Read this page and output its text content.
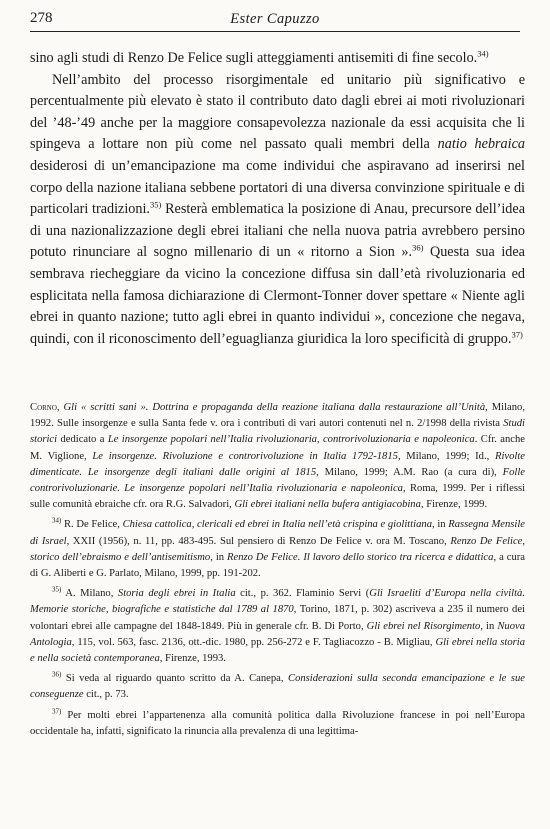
278	Ester Capuzzo

sino agli studi di Renzo De Felice sugli atteggiamenti antisemiti di fine secolo.$^{34)}$

Nell’ambito del processo risorgimentale ed unitario più significativo e percentualmente più elevato è stato il contributo dato dagli ebrei ai moti rivoluzionari del ’48-’49 anche per la maggiore consapevolezza nazionale da essi acquisita che li spingeva a lottare non più come nel passato quali membri della natio hebraica desiderosi di un’emancipazione ma come individui che aspiravano ad inserirsi nel corpo della nazione italiana sebbene portatori di una diversa convinzione spirituale e di particolari tradizioni.$^{35)}$ Resterà emblematica la posizione di Anau, precursore dell’idea di una nazionalizzazione degli ebrei italiani che nella nuova patria avrebbero persino potuto rinunciare al sogno millenario di un « ritorno a Sion ».$^{36)}$ Questa sua idea sembrava riecheggiare da vicino la concezione diffusa sin dall’età rivoluzionaria ed esplicitata nella famosa dichiarazione di Clermont-Tonner dover spettare « Niente agli ebrei in quanto nazione; tutto agli ebrei in quanto individui », concezione che negava, quindi, con il riconoscimento dell’eguaglianza giuridica la loro specificità di gruppo.$^{37)}$

Corno, Gli « scritti sani ». Dottrina e propaganda della reazione italiana dalla restaurazione all’Unità, Milano, 1992. Sulle insorgenze e sulla Santa fede v. ora i contributi di vari autori contenuti nel n. 2/1998 della rivista Studi storici dedicato a Le insorgenze popolari nell’Italia rivoluzionaria, controrivoluzionaria e napoleonica. Cfr. anche M. Viglione, Le insorgenze. Rivoluzione e controrivoluzione in Italia 1792-1815, Milano, 1999; Id., Rivolte dimenticate. Le insorgenze degli italiani dalle origini al 1815, Milano, 1999; A.M. Rao (a cura di), Folle controrivoluzionarie. Le insorgenze popolari nell’Italia rivoluzionaria e napoleonica, Roma, 1999. Per i riflessi sulle comunità ebraiche cfr. ora R.G. Salvadori, Gli ebrei italiani nella bufera antigiacobina, Firenze, 1999.

$^{34)}$ R. De Felice, Chiesa cattolica, clericali ed ebrei in Italia nell’età crispina e giolittiana, in Rassegna Mensile di Israel, XXII (1956), n. 11, pp. 483-495. Sul pensiero di Renzo De Felice v. ora M. Toscano, Renzo De Felice, storico dell’ebraismo e dell’antisemitismo, in Renzo De Felice. Il lavoro dello storico tra ricerca e didattica, a cura di G. Aliberti e G. Parlato, Milano, 1999, pp. 191-202.

$^{35)}$ A. Milano, Storia degli ebrei in Italia cit., p. 362. Flaminio Servi (Gli Israeliti d’Europa nella civiltà. Memorie storiche, biografiche e statistiche dal 1789 al 1870, Torino, 1871, p. 302) ascriveva a 235 il numero dei volontari ebrei alle campagne del 1848-1849. Più in generale cfr. B. Di Porto, Gli ebrei nel Risorgimento, in Nuova Antologia, 115, vol. 563, fasc. 2136, ott.-dic. 1980, pp. 256-272 e F. Tagliacozzo - B. Migliau, Gli ebrei nella storia e nella società contemporanea, Firenze, 1993.

$^{36)}$ Si veda al riguardo quanto scritto da A. Canepa, Considerazioni sulla seconda emancipazione e le sue conseguenze cit., p. 73.

$^{37)}$ Per molti ebrei l’appartenenza alla comunità politica dalla Rivoluzione francese in poi nell’Europa occidentale ha, infatti, significato la rinuncia alla prevalenza di una legittima-
